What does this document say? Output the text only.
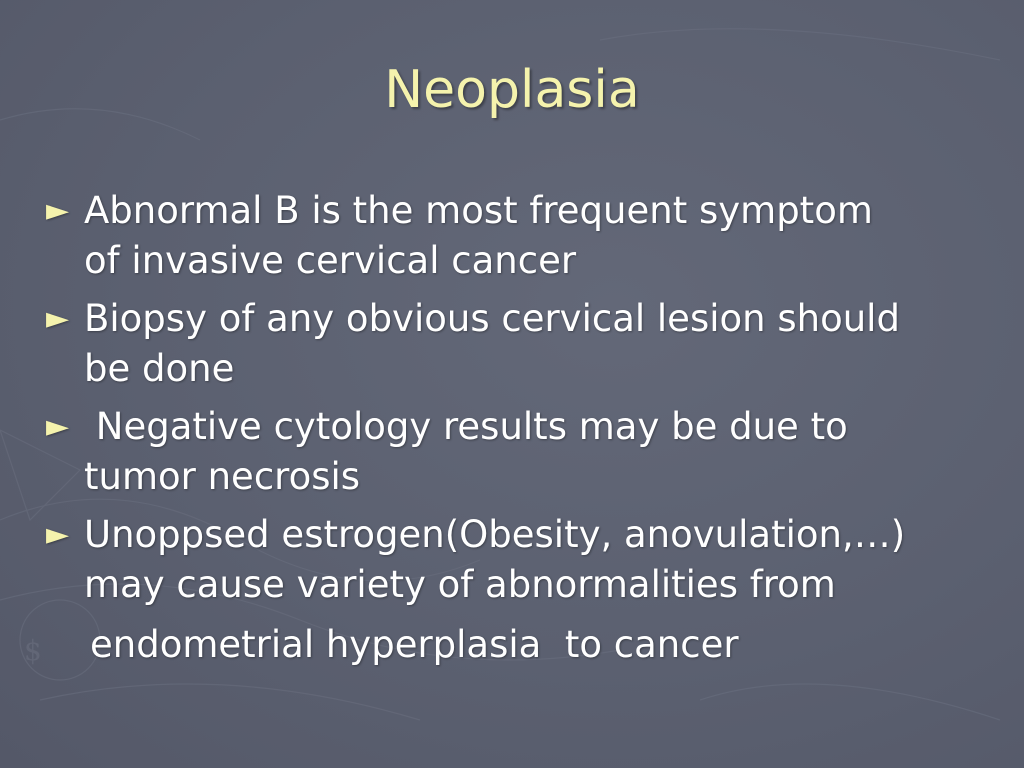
$
Neoplasia
► Abnormal B is the most frequent symptom
of invasive cervical cancer
► Biopsy of any obvious cervical lesion should
be done
► Negative cytology results may be due to
tumor necrosis
► Unoppsed estrogen(Obesity, anovulation,…)
may cause variety of abnormalities from
endometrial hyperplasia  to cancer
